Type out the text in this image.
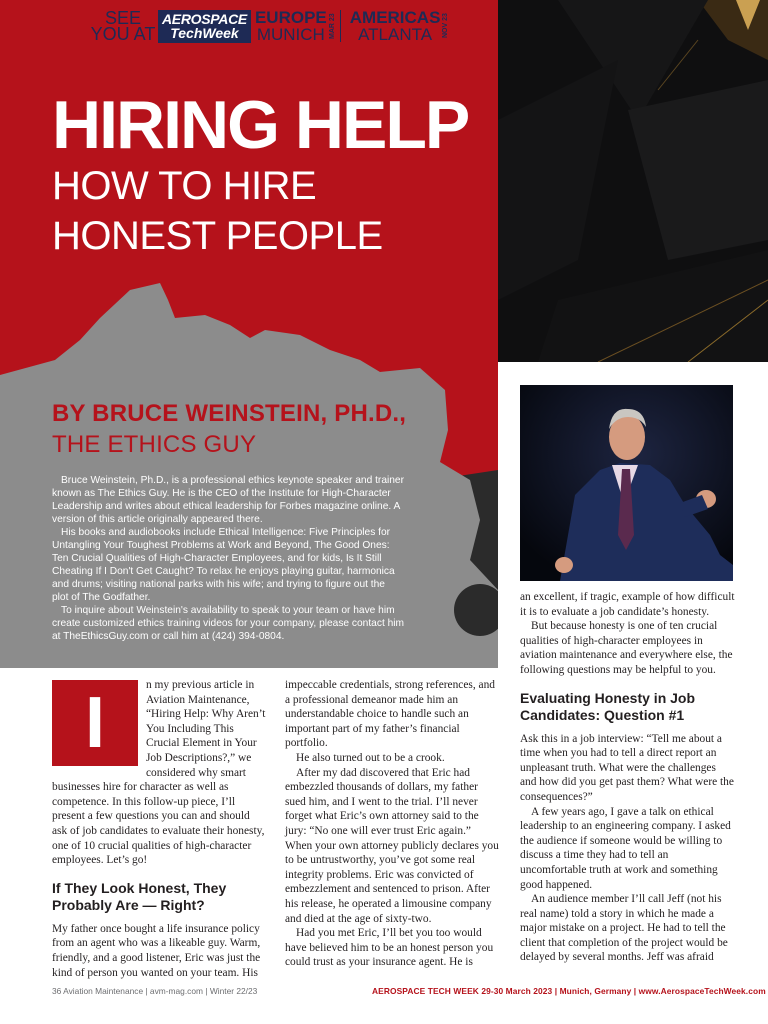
SEE YOU AT
AEROSPACE
TechWeek
EUROPE
MUNICH MAR 23 AMERICAS
ATLANTA	NOV 23
HIRING HELP
HOW TO HIRE
HONEST PEOPLE
BY BRUCE WEINSTEIN, PH.D.,
THE ETHICS GUY

Bruce Weinstein, Ph.D., is a professional ethics keynote speaker and trainer known as The Ethics Guy. He is the CEO of the Institute for High-Character Leadership and writes about ethical leadership for Forbes magazine online. A version of this article originally appeared there.

His books and audiobooks include Ethical Intelligence: Five Principles for Untangling Your Toughest Problems at Work and Beyond, The Good Ones: Ten Crucial Qualities of High-Character Employees, and for kids, Is It Still Cheating If I Don't Get Caught? To relax he enjoys playing guitar, harmonica and drums; visiting national parks with his wife; and trying to figure out the plot of The Godfather.

To inquire about Weinstein's availability to speak to your team or have him create customized ethics training videos for your company, please contact him at TheEthicsGuy.com or call him at (424) 394-0804.

I	n my previous article in Aviation Maintenance, “Hiring Help: Why Aren’t You Including This Crucial Element in Your Job Descriptions?,” we considered why smart businesses hire for character as well as competence. In this follow-up piece, I’ll present a few questions you can and should ask of job candidates to evaluate their honesty, one of 10 crucial qualities of high-character employees. Let’s go!

If They Look Honest, They Probably Are — Right?

My father once bought a life insurance policy from an agent who was a likeable guy. Warm, friendly, and a good listener, Eric was just the kind of person you wanted on your team. His

impeccable credentials, strong references, and a professional demeanor made him an understandable choice to handle such an important part of my father’s financial portfolio.

He also turned out to be a crook.

After my dad discovered that Eric had embezzled thousands of dollars, my father sued him, and I went to the trial. I’ll never forget what Eric’s own attorney said to the jury: “No one will ever trust Eric again.” When your own attorney publicly declares you to be untrustworthy, you’ve got some real integrity problems. Eric was convicted of embezzlement and sentenced to prison. After his release, he operated a limousine company and died at the age of sixty-two.

Had you met Eric, I’ll bet you too would have believed him to be an honest person you could trust as your insurance agent. He is

an excellent, if tragic, example of how difficult it is to evaluate a job candidate’s honesty.

But because honesty is one of ten crucial qualities of high-character employees in aviation maintenance and everywhere else, the following questions may be helpful to you.

Evaluating Honesty in Job Candidates: Question #1

Ask this in a job interview: “Tell me about a time when you had to tell a direct report an unpleasant truth. What were the challenges and how did you get past them? What were the consequences?”

A few years ago, I gave a talk on ethical leadership to an engineering company. I asked the audience if someone would be willing to discuss a time they had to tell an uncomfortable truth at work and something good happened.

An audience member I’ll call Jeff (not his real name) told a story in which he made a major mistake on a project. He had to tell the client that completion of the project would be delayed by several months. Jeff was afraid

36 Aviation Maintenance | avm-mag.com | Winter 22/23	AEROSPACE TECH WEEK 29-30 March 2023 | Munich, Germany | www.AerospaceTechWeek.com
